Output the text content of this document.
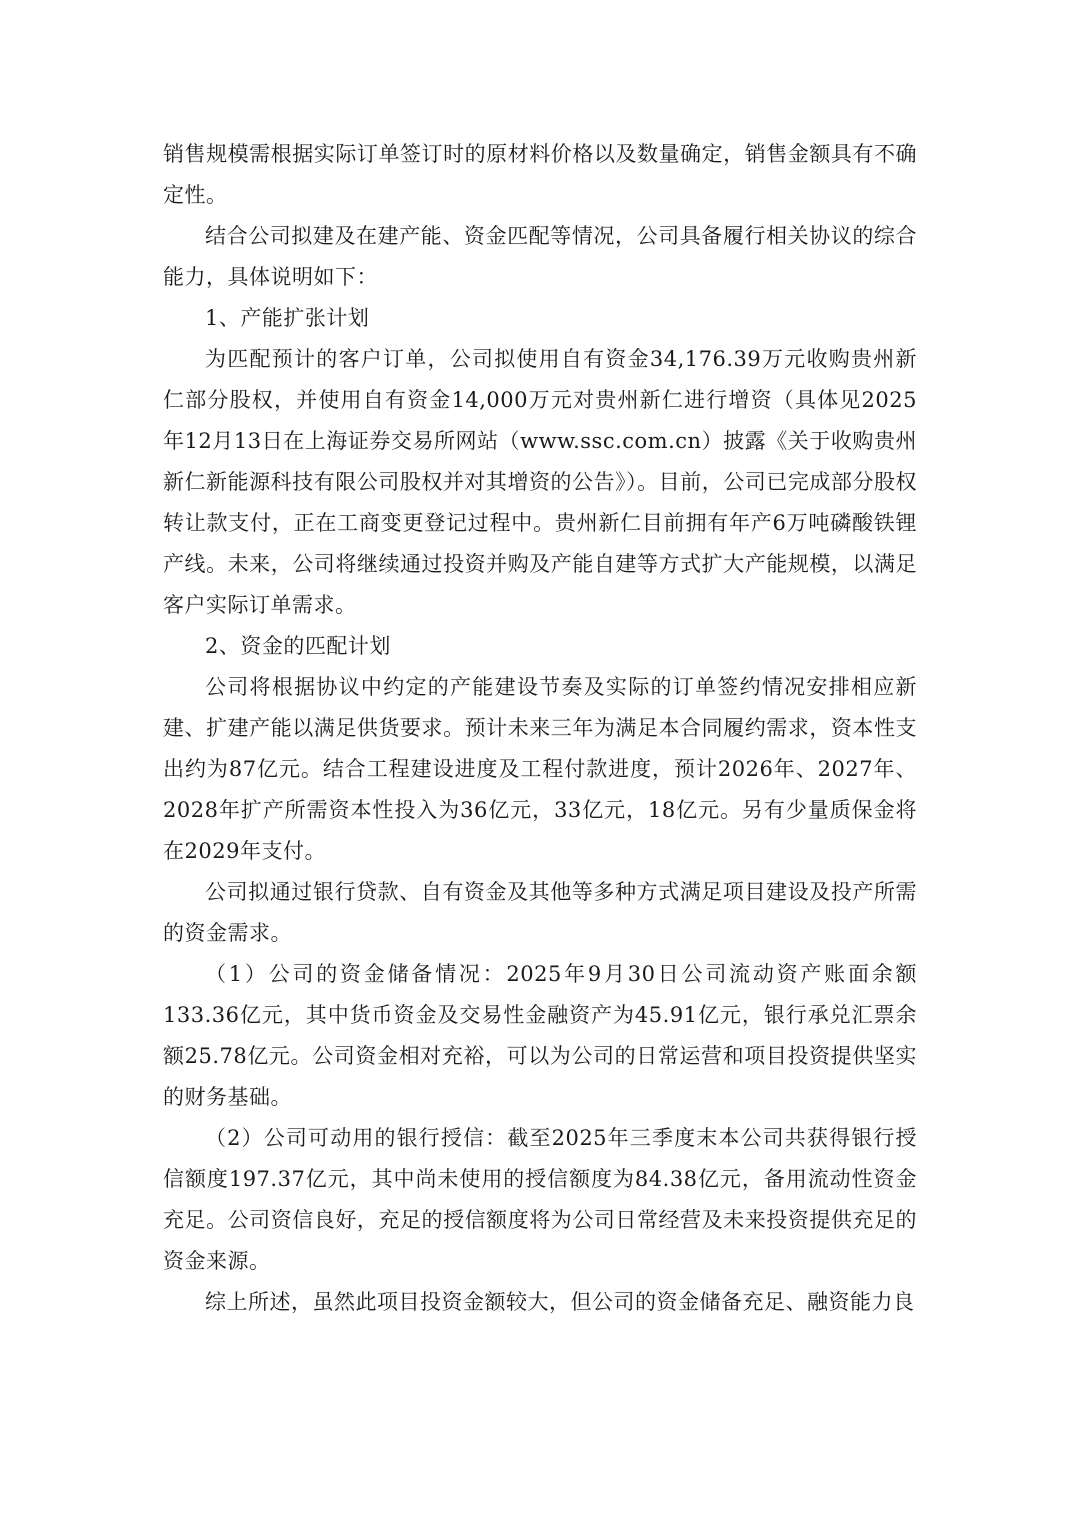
销售规模需根据实际订单签订时的原材料价格以及数量确定，销售金额具有不确定性。

结合公司拟建及在建产能、资金匹配等情况，公司具备履行相关协议的综合能力，具体说明如下：

1、产能扩张计划

为匹配预计的客户订单，公司拟使用自有资金34,176.39万元收购贵州新仁部分股权，并使用自有资金14,000万元对贵州新仁进行增资（具体见2025年12月13日在上海证券交易所网站（www.ssc.com.cn）披露《关于收购贵州新仁新能源科技有限公司股权并对其增资的公告》）。目前，公司已完成部分股权转让款支付，正在工商变更登记过程中。贵州新仁目前拥有年产6万吨磷酸铁锂产线。未来，公司将继续通过投资并购及产能自建等方式扩大产能规模，以满足客户实际订单需求。

2、资金的匹配计划

公司将根据协议中约定的产能建设节奏及实际的订单签约情况安排相应新建、扩建产能以满足供货要求。预计未来三年为满足本合同履约需求，资本性支出约为87亿元。结合工程建设进度及工程付款进度，预计2026年、2027年、2028年扩产所需资本性投入为36亿元，33亿元，18亿元。另有少量质保金将在2029年支付。

公司拟通过银行贷款、自有资金及其他等多种方式满足项目建设及投产所需的资金需求。

（1）公司的资金储备情况：2025年9月30日公司流动资产账面余额133.36亿元，其中货币资金及交易性金融资产为45.91亿元，银行承兑汇票余额25.78亿元。公司资金相对充裕，可以为公司的日常运营和项目投资提供坚实的财务基础。

（2）公司可动用的银行授信：截至2025年三季度末本公司共获得银行授信额度197.37亿元，其中尚未使用的授信额度为84.38亿元，备用流动性资金充足。公司资信良好，充足的授信额度将为公司日常经营及未来投资提供充足的资金来源。

综上所述，虽然此项目投资金额较大，但公司的资金储备充足、融资能力良
